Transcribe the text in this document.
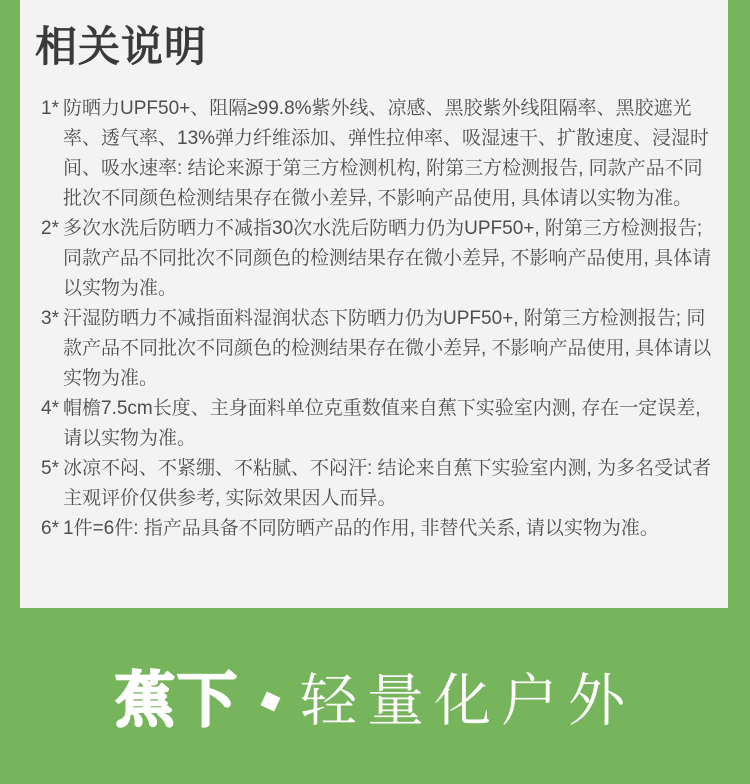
相关说明
1* 防晒力UPF50+、阻隔≥99.8%紫外线、凉感、黑胶紫外线阻隔率、黑胶遮光率、透气率、13%弹力纤维添加、弹性拉伸率、吸湿速干、扩散速度、浸湿时间、吸水速率: 结论来源于第三方检测机构, 附第三方检测报告, 同款产品不同批次不同颜色检测结果存在微小差异, 不影响产品使用, 具体请以实物为准。
2* 多次水洗后防晒力不减指30次水洗后防晒力仍为UPF50+, 附第三方检测报告; 同款产品不同批次不同颜色的检测结果存在微小差异, 不影响产品使用, 具体请以实物为准。
3* 汗湿防晒力不减指面料湿润状态下防晒力仍为UPF50+, 附第三方检测报告; 同款产品不同批次不同颜色的检测结果存在微小差异, 不影响产品使用, 具体请以实物为准。
4* 帽檐7.5cm长度、主身面料单位克重数值来自蕉下实验室内测, 存在一定误差, 请以实物为准。
5* 冰凉不闷、不紧绷、不粘腻、不闷汗: 结论来自蕉下实验室内测, 为多名受试者主观评价仅供参考, 实际效果因人而异。
6* 1件=6件: 指产品具备不同防晒产品的作用, 非替代关系, 请以实物为准。
蕉下 轻量化户外
